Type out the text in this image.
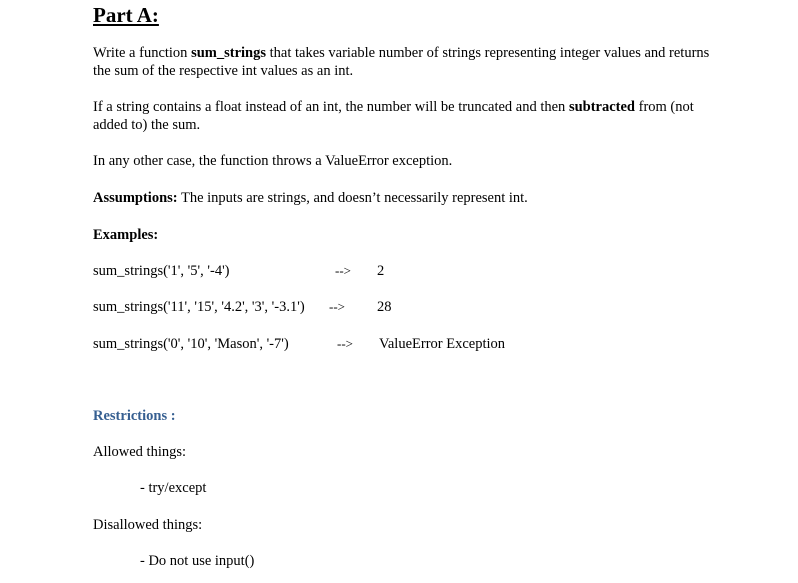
Part A:

Write a function sum_strings that takes variable number of strings representing integer values and returns the sum of the respective int values as an int.

If a string contains a float instead of an int, the number will be truncated and then subtracted from (not added to) the sum.

In any other case, the function throws a ValueError exception.

Assumptions: The inputs are strings, and doesn’t necessarily represent int.

Examples:

sum_strings('1', '5', '-4')	--> 2
sum_strings('11', '15', '4.2', '3', '-3.1') --> 28
sum_strings('0', '10', 'Mason', '-7')	--> ValueError Exception

Restrictions :

Allowed things:

- try/except

Disallowed things:

- Do not use input()
